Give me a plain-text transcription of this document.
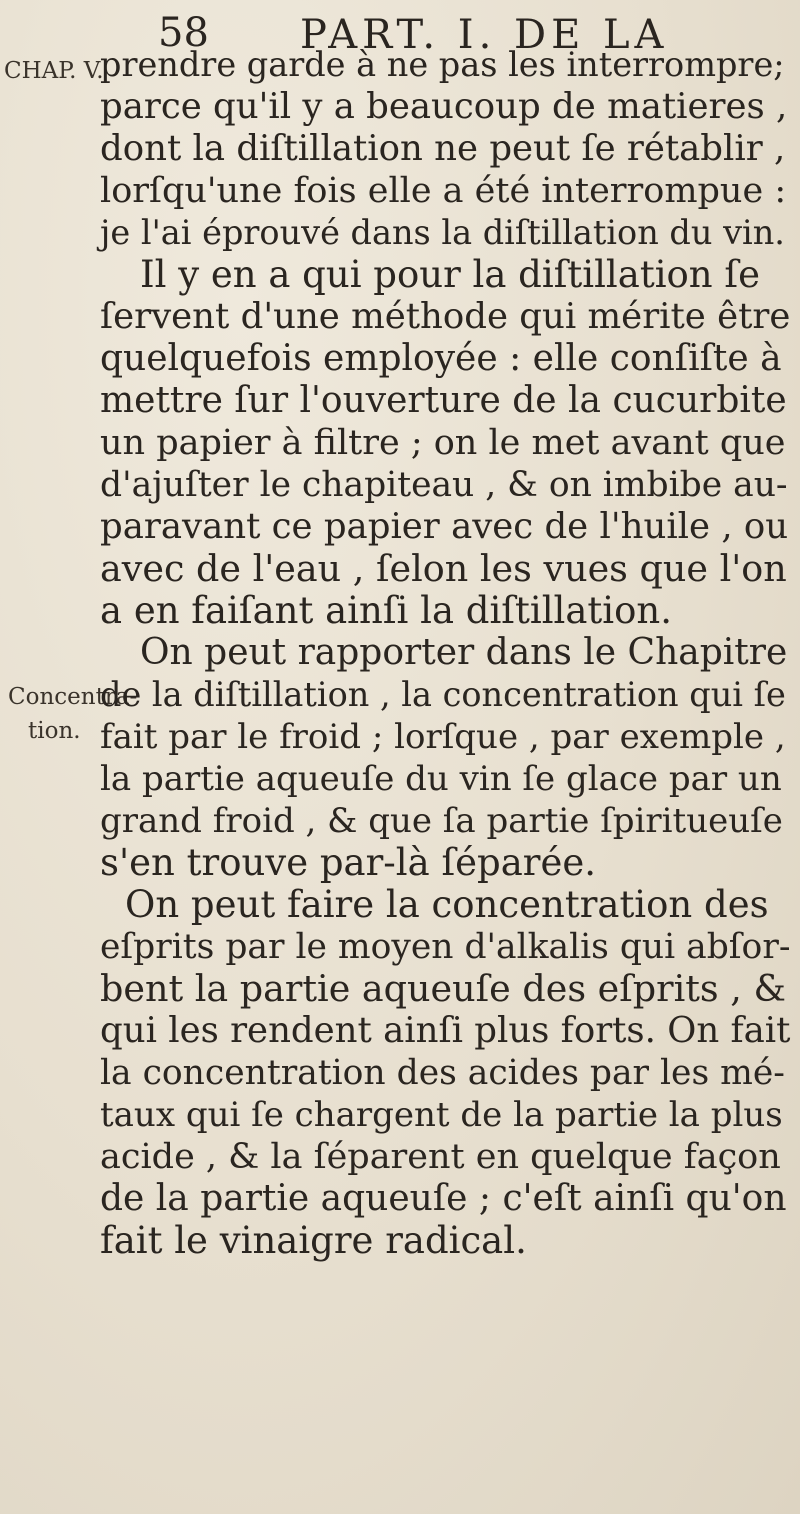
58 PART. I. DE LA
CHAP. V.
Concentra-
tion.
prendre garde à ne pas les interrompre;
parce qu'il y a beaucoup de matieres ,
dont la diſtillation ne peut ſe rétablir ,
lorſqu'une fois elle a été interrompue :
je l'ai éprouvé dans la diſtillation du vin.
Il y en a qui pour la diſtillation ſe
ſervent d'une méthode qui mérite être
quelquefois employée : elle conſiſte à
mettre ſur l'ouverture de la cucurbite
un papier à filtre ; on le met avant que
d'ajuſter le chapiteau , & on imbibe au-
paravant ce papier avec de l'huile , ou
avec de l'eau , ſelon les vues que l'on
a en faiſant ainſi la diſtillation.
On peut rapporter dans le Chapitre
de la diſtillation , la concentration qui ſe
fait par le froid ; lorſque , par exemple ,
la partie aqueuſe du vin ſe glace par un
grand froid , & que ſa partie ſpiritueuſe
s'en trouve par-là ſéparée.
On peut faire la concentration des
eſprits par le moyen d'alkalis qui abſor-
bent la partie aqueuſe des eſprits , &
qui les rendent ainſi plus forts. On fait
la concentration des acides par les mé-
taux qui ſe chargent de la partie la plus
acide , & la ſéparent en quelque façon
de la partie aqueuſe ; c'eſt ainſi qu'on
fait le vinaigre radical.
